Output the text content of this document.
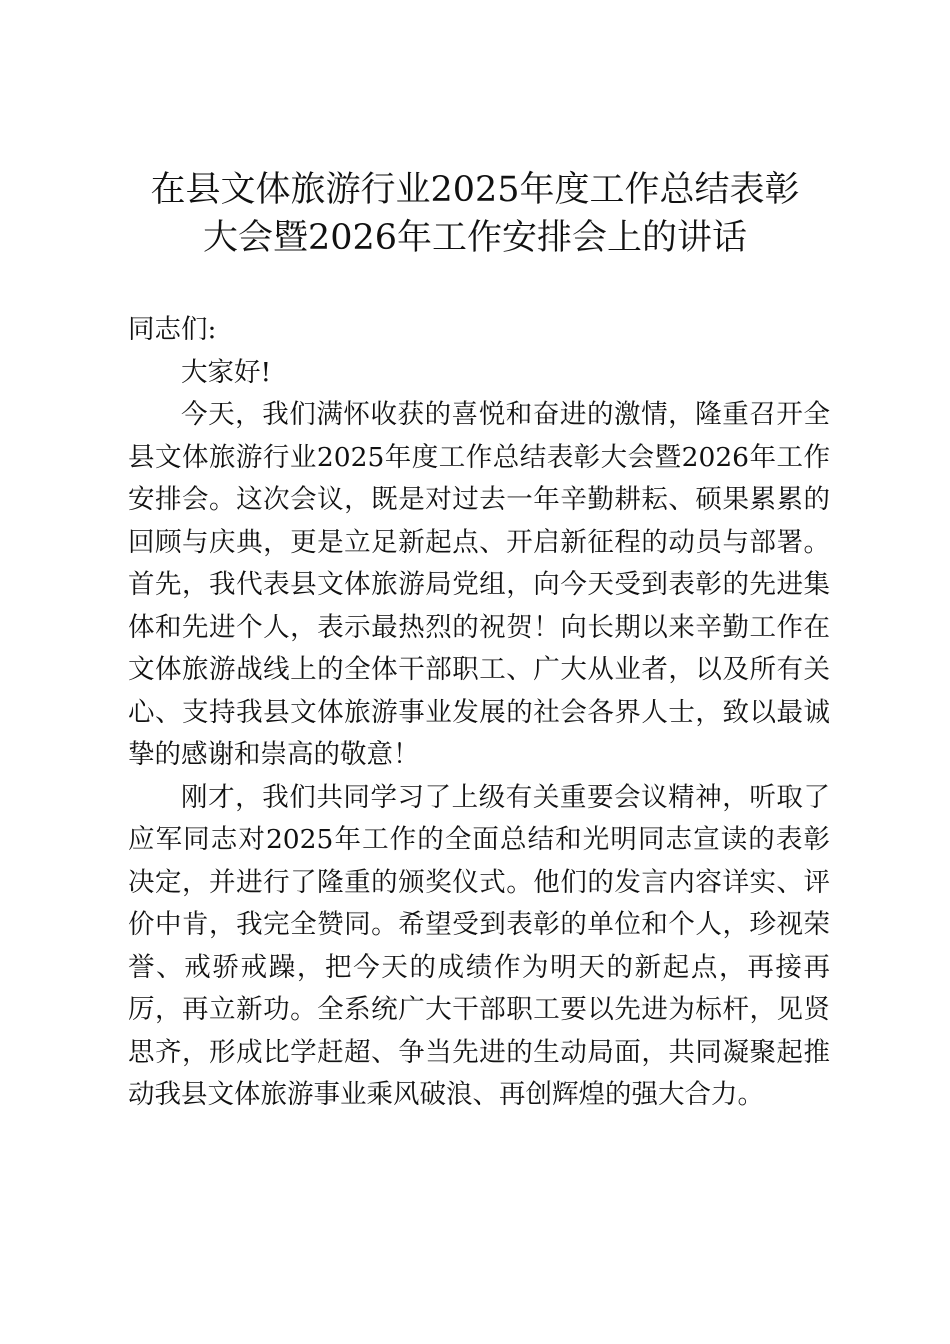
在县文体旅游行业2025年度工作总结表彰
大会暨2026年工作安排会上的讲话

同志们:

大家好!

今天，我们满怀收获的喜悦和奋进的激情，隆重召开全县文体旅游行业2025年度工作总结表彰大会暨2026年工作安排会。这次会议，既是对过去一年辛勤耕耘、硕果累累的回顾与庆典，更是立足新起点、开启新征程的动员与部署。首先，我代表县文体旅游局党组，向今天受到表彰的先进集体和先进个人，表示最热烈的祝贺！向长期以来辛勤工作在文体旅游战线上的全体干部职工、广大从业者，以及所有关心、支持我县文体旅游事业发展的社会各界人士，致以最诚挚的感谢和崇高的敬意！

刚才，我们共同学习了上级有关重要会议精神，听取了应军同志对2025年工作的全面总结和光明同志宣读的表彰决定，并进行了隆重的颁奖仪式。他们的发言内容详实、评价中肯，我完全赞同。希望受到表彰的单位和个人，珍视荣誉、戒骄戒躁，把今天的成绩作为明天的新起点，再接再厉，再立新功。全系统广大干部职工要以先进为标杆，见贤思齐，形成比学赶超、争当先进的生动局面，共同凝聚起推动我县文体旅游事业乘风破浪、再创辉煌的强大合力。
